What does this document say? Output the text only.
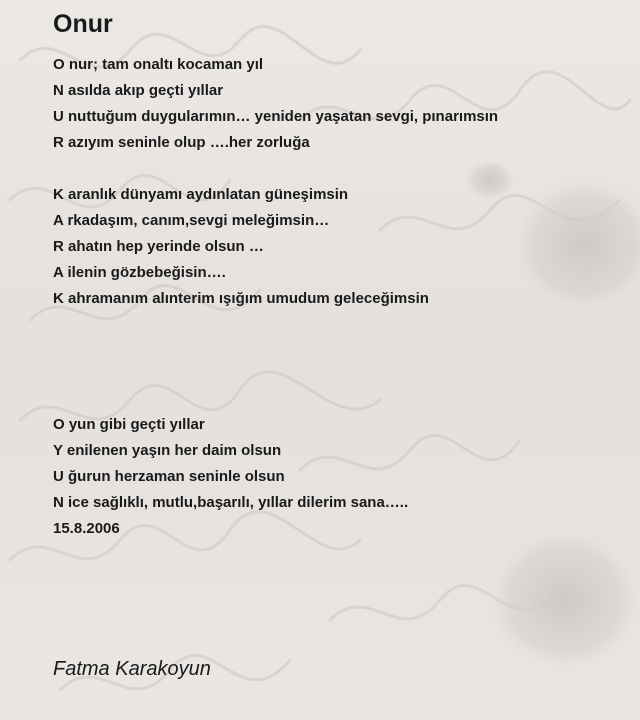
Onur
O nur; tam onaltı kocaman yıl
N asılda akıp geçti yıllar
U nuttuğum duygularımın… yeniden yaşatan sevgi, pınarımsın
R azıyım seninle olup ….her zorluğa
K aranlık dünyamı aydınlatan güneşimsin
A rkadaşım, canım,sevgi meleğimsin…
R ahatın hep yerinde olsun …
A ilenin gözbebeğisin….
K ahramanım alınterim ışığım umudum geleceğimsin
O yun gibi geçti yıllar
Y enilenen yaşın her daim olsun
U ğurun herzaman seninle olsun
N ice sağlıklı, mutlu,başarılı, yıllar dilerim sana…..
15.8.2006
Fatma Karakoyun
